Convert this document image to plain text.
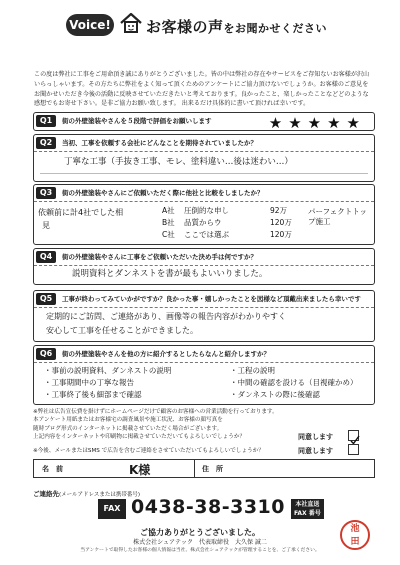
Voice! お客様の声をお聞かせください
この度は弊社に工事をご用命頂き誠にありがとうございました。皆の中は弊社の存在やサービスをご存知ないお客様が沢山いらっしゃいます。その方たちに弊社をよく知って頂くためのアンケートにご協力頂けないでしょうか。お客様のご意見をお聞かせいただき今後の活動に反映させていただきたいと考えております。良かったこと、楽しかったことなどどのような感想でもお寄せ下さい。是非ご協力お願い致します。 出来るだけ具体的に書いて頂ければ幸いです。
Q1	街の外壁塗装やさんを５段階で評価をお願いします	★★★★★
Q2	当初、工事を依頼する会社にどんなことを期待されていましたか？
丁寧な工事（手抜き工事、モレ、塗料違い…後は迷わい…）
Q3	街の外壁塗装やさんにご依頼いただく際に他社と比較をしましたか？
依頼前に計4社でした相
見
A社 圧倒的な申し	92万
B社 品質からウ	120万
C社 ここでは選ぶ	120万
パーフェクトトップ施工
Q4	街の外壁塗装やさんに工事をご依頼いただいた決め手は何ですか？
説明資料とダンネストを書が最もよいいりました。
Q5	工事が終わってみていかがですか？良かった事・嬉しかったことを図様など頂戴出来ましたら幸いです
定期的にご訪問、ご連絡があり、画像等の報告内容がわかりやすく
安心して工事を任せることができました。
Q6	街の外壁塗装やさんを他の方に紹介するとしたらなんと紹介しますか？
・事前の説明資料、ダンネストの説明
・工事期間中の丁寧な報告
・工事終了後も細部まで確認
・工程の説明
・中間の確認を設ける（目視確かめ）
・ダンネストの際に後確認
※弊社は広告宣伝費を掛けずにホームページだけで顧客のお客様への営業活動を行っております。
本アンケート用紙またはお客様宅の調査風景や施工状況、お客様の顔写真を
随時ブログ形式のインターネットに掲載させていただく場合がございます。
上記内容をインターネットや印刷物に掲載させていただいてもよろしいでしょうか？	同意します
※今後、メールまたはSMS で広告を含むご連絡をさせていただいてもよろしいでしょうか？	同意します
名　前	K様	住　所
ご連絡先(メールアドレスまたは携帯番号)
FAX 0438-38-3310 本社直送
FAX 番号
ご協力ありがとうございました。
株式会社シュアテック　代表取締役　大久保 誠二
当アンケートで取得したお客様の個人情報は当社、株式会社シュアテックが管理することを、ご了承ください。
池
田
